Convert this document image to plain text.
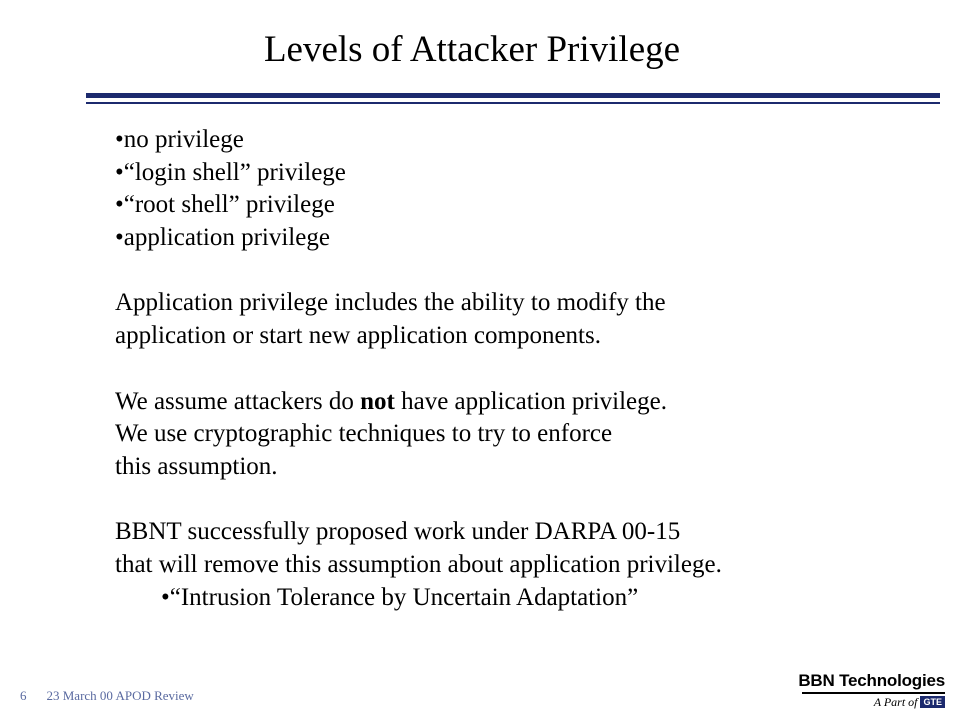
Levels of Attacker Privilege
•no privilege
•“login shell” privilege
•“root shell” privilege
•application privilege
Application privilege includes the ability to modify the
application or start new application components.
We assume attackers do not have application privilege.
We use cryptographic techniques to try to enforce
this assumption.
BBNT successfully proposed work under DARPA 00-15
that will remove this assumption about application privilege.
•“Intrusion Tolerance by Uncertain Adaptation”
6 23 March 00 APOD Review
BBN Technologies
A Part of GTE
